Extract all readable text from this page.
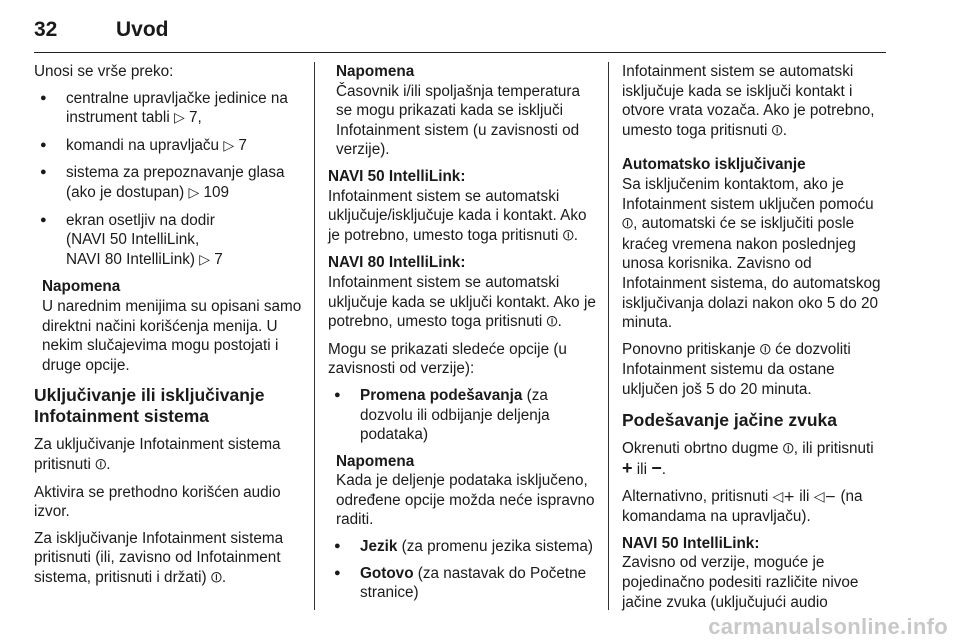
32	Uvod

Unosi se vrše preko:

● centralne upravljačke jedinice na instrument tabli ▷ 7,
● komandi na upravljaču ▷ 7
● sistema za prepoznavanje glasa (ako je dostupan) ▷ 109
● ekran osetljiv na dodir
(NAVI 50 IntelliLink,
NAVI 80 IntelliLink) ▷ 7
Napomena
U narednim menijima su opisani samo direktni načini korišćenja menija. U nekim slučajevima mogu postojati i druge opcije.
Uključivanje ili isključivanje Infotainment sistema

Za uključivanje Infotainment sistema pritisnuti ⏼.

Aktivira se prethodno korišćen audio izvor.

Za isključivanje Infotainment sistema pritisnuti (ili, zavisno od Infotainment sistema, pritisnuti i držati) ⏼.

Napomena
Časovnik i/ili spoljašnja temperatura se mogu prikazati kada se isključi Infotainment sistem (u zavisnosti od verzije).
NAVI 50 IntelliLink:

Infotainment sistem se automatski uključuje/isključuje kada i kontakt. Ako je potrebno, umesto toga pritisnuti ⏼.

NAVI 80 IntelliLink:

Infotainment sistem se automatski uključuje kada se uključi kontakt. Ako je potrebno, umesto toga pritisnuti ⏼.

Mogu se prikazati sledeće opcije (u zavisnosti od verzije):

● Promena podešavanja (za dozvolu ili odbijanje deljenja podataka)
Napomena
Kada je deljenje podataka isključeno, određene opcije možda neće ispravno raditi.
● Jezik (za promenu jezika sistema)
● Gotovo (za nastavak do Početne stranice)

Infotainment sistem se automatski isključuje kada se isključi kontakt i otvore vrata vozača. Ako je potrebno, umesto toga pritisnuti ⏼.

Automatsko isključivanje

Sa isključenim kontaktom, ako je Infotainment sistem uključen pomoću ⏼, automatski će se isključiti posle kraćeg vremena nakon poslednjeg unosa korisnika. Zavisno od Infotainment sistema, do automatskog isključivanja dolazi nakon oko 5 do 20 minuta.

Ponovno pritiskanje ⏼ će dozvoliti Infotainment sistemu da ostane uključen još 5 do 20 minuta.

Podešavanje jačine zvuka

Okrenuti obrtno dugme ⏼, ili pritisnuti
+ ili −.

Alternativno, pritisnuti ◁+ ili ◁− (na komandama na upravljaču).

NAVI 50 IntelliLink:

Zavisno od verzije, moguće je pojedinačno podesiti različite nivoe jačine zvuka (uključujući audio

carmanualsonline.info
